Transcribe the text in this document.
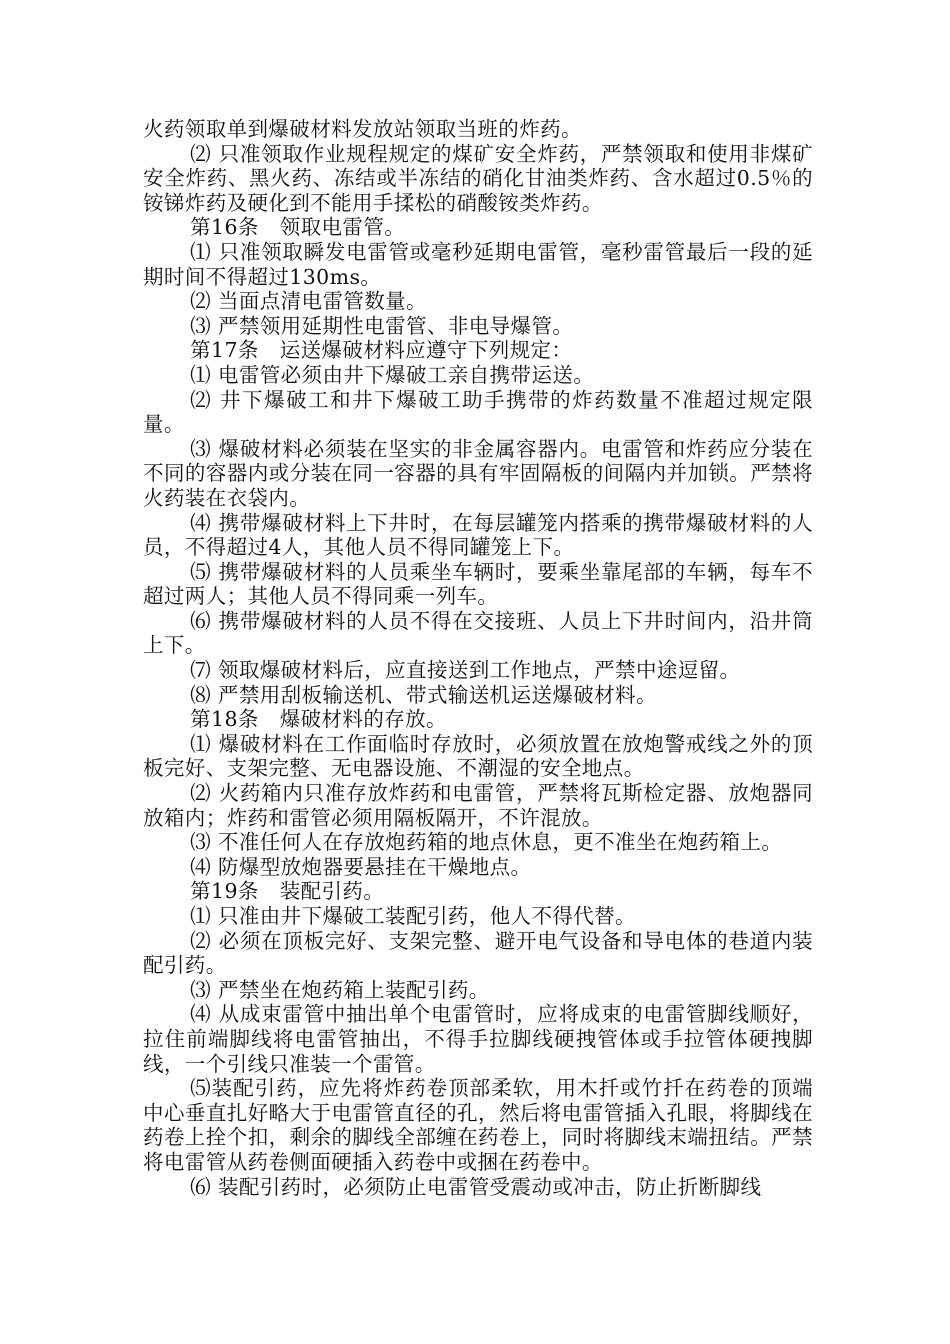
火药领取单到爆破材料发放站领取当班的炸药。

⑵ 只准领取作业规程规定的煤矿安全炸药，严禁领取和使用非煤矿安全炸药、黑火药、冻结或半冻结的硝化甘油类炸药、含水超过0.5％的铵锑炸药及硬化到不能用手揉松的硝酸铵类炸药。

第16条　领取电雷管。

⑴ 只准领取瞬发电雷管或毫秒延期电雷管，毫秒雷管最后一段的延期时间不得超过130ms。

⑵ 当面点清电雷管数量。

⑶ 严禁领用延期性电雷管、非电导爆管。

第17条　运送爆破材料应遵守下列规定：

⑴ 电雷管必须由井下爆破工亲自携带运送。

⑵ 井下爆破工和井下爆破工助手携带的炸药数量不准超过规定限量。

⑶ 爆破材料必须装在坚实的非金属容器内。电雷管和炸药应分装在不同的容器内或分装在同一容器的具有牢固隔板的间隔内并加锁。严禁将火药装在衣袋内。

⑷ 携带爆破材料上下井时，在每层罐笼内搭乘的携带爆破材料的人员，不得超过4人，其他人员不得同罐笼上下。

⑸ 携带爆破材料的人员乘坐车辆时，要乘坐靠尾部的车辆，每车不超过两人；其他人员不得同乘一列车。

⑹ 携带爆破材料的人员不得在交接班、人员上下井时间内，沿井筒上下。

⑺ 领取爆破材料后，应直接送到工作地点，严禁中途逗留。

⑻ 严禁用刮板输送机、带式输送机运送爆破材料。

第18条　爆破材料的存放。

⑴ 爆破材料在工作面临时存放时，必须放置在放炮警戒线之外的顶板完好、支架完整、无电器设施、不潮湿的安全地点。

⑵ 火药箱内只准存放炸药和电雷管，严禁将瓦斯检定器、放炮器同放箱内；炸药和雷管必须用隔板隔开，不许混放。

⑶ 不准任何人在存放炮药箱的地点休息，更不准坐在炮药箱上。

⑷ 防爆型放炮器要悬挂在干燥地点。

第19条　装配引药。

⑴ 只准由井下爆破工装配引药，他人不得代替。

⑵ 必须在顶板完好、支架完整、避开电气设备和导电体的巷道内装配引药。

⑶ 严禁坐在炮药箱上装配引药。

⑷ 从成束雷管中抽出单个电雷管时，应将成束的电雷管脚线顺好，拉住前端脚线将电雷管抽出，不得手拉脚线硬拽管体或手拉管体硬拽脚线，一个引线只准装一个雷管。

⑸装配引药，应先将炸药卷顶部柔软，用木扦或竹扦在药卷的顶端中心垂直扎好略大于电雷管直径的孔，然后将电雷管插入孔眼，将脚线在药卷上拴个扣，剩余的脚线全部缠在药卷上，同时将脚线末端扭结。严禁将电雷管从药卷侧面硬插入药卷中或捆在药卷中。

⑹ 装配引药时，必须防止电雷管受震动或冲击，防止折断脚线
